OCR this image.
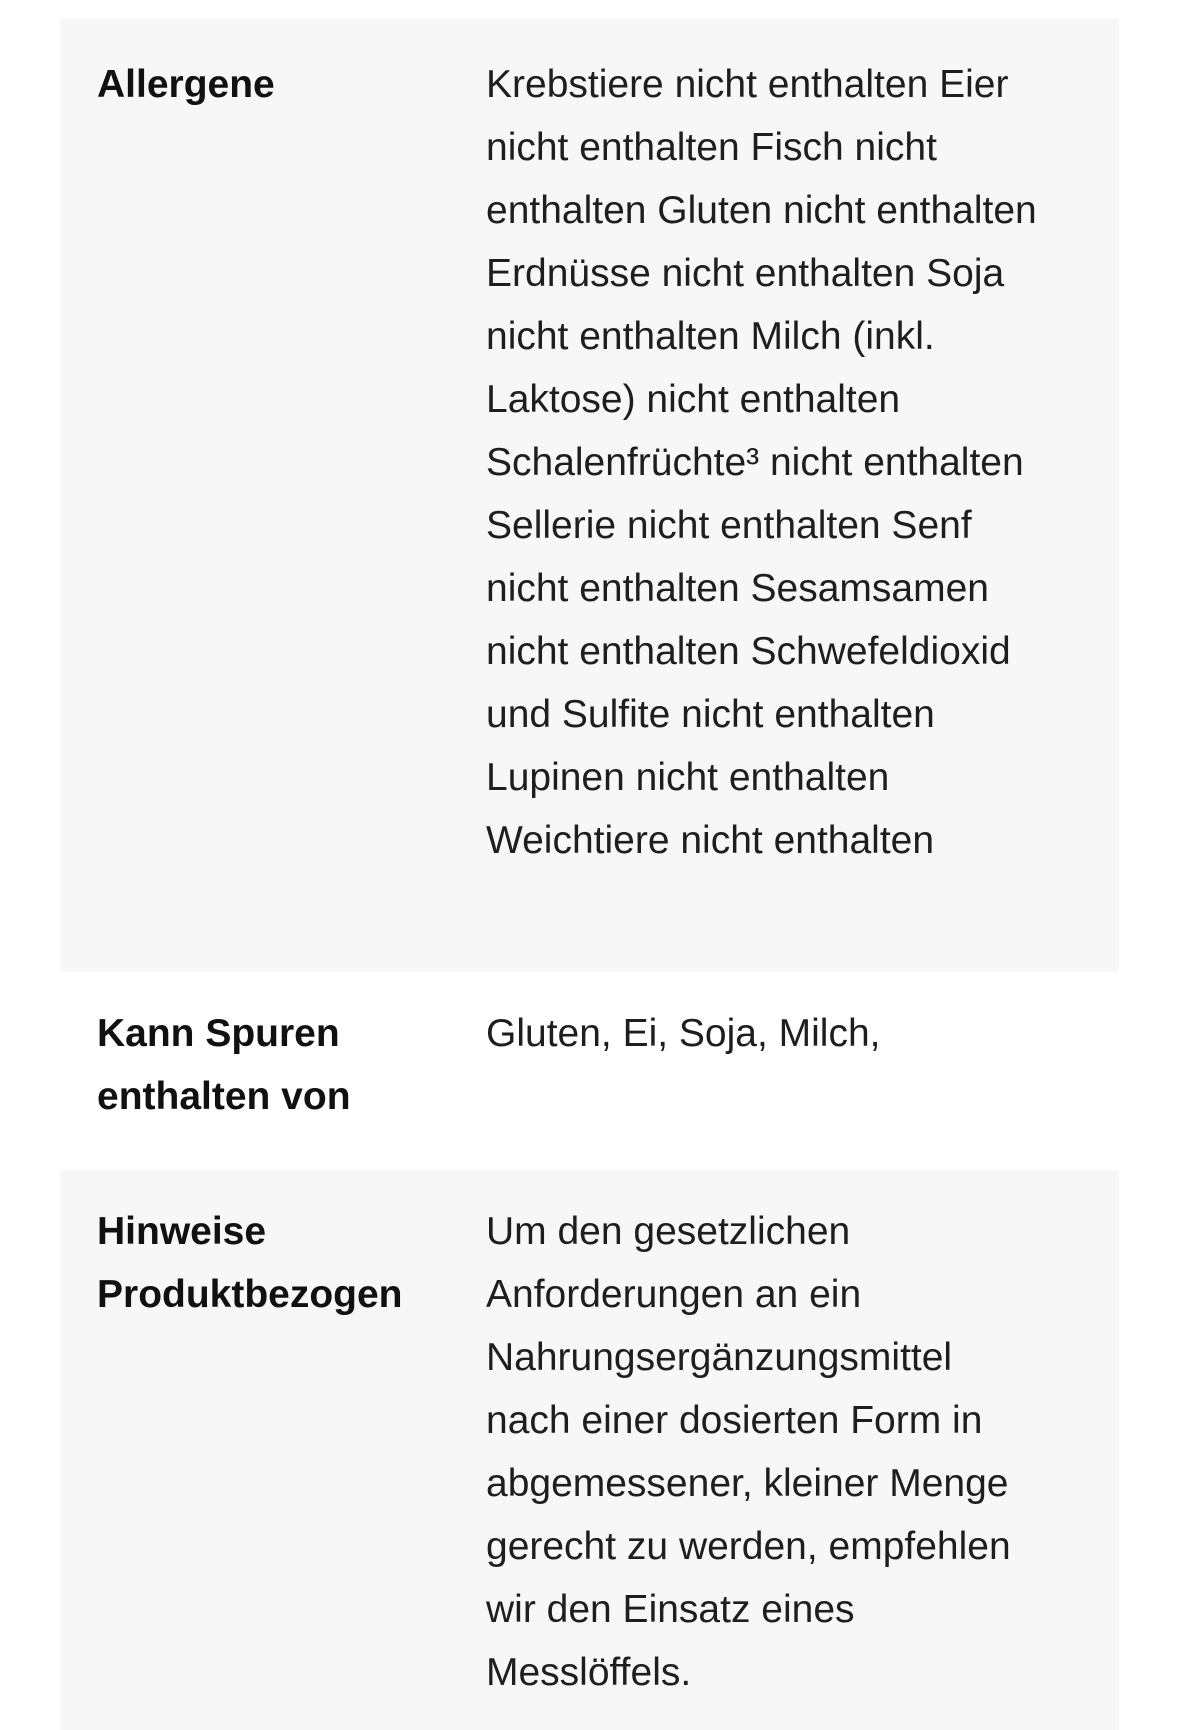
Allergene	Krebstiere nicht enthalten Eier nicht enthalten Fisch nicht enthalten Gluten nicht enthalten Erdnüsse nicht enthalten Soja nicht enthalten Milch (inkl. Laktose) nicht enthalten Schalenfrüchte³ nicht enthalten Sellerie nicht enthalten Senf nicht enthalten Sesamsamen nicht enthalten Schwefeldioxid und Sulfite nicht enthalten Lupinen nicht enthalten Weichtiere nicht enthalten
Kann Spuren enthalten von
Gluten, Ei, Soja, Milch,
Hinweise Produktbezogen
Um den gesetzlichen Anforderungen an ein Nahrungsergänzungsmittel nach einer dosierten Form in abgemessener, kleiner Menge gerecht zu werden, empfehlen wir den Einsatz eines Messlöffels.
